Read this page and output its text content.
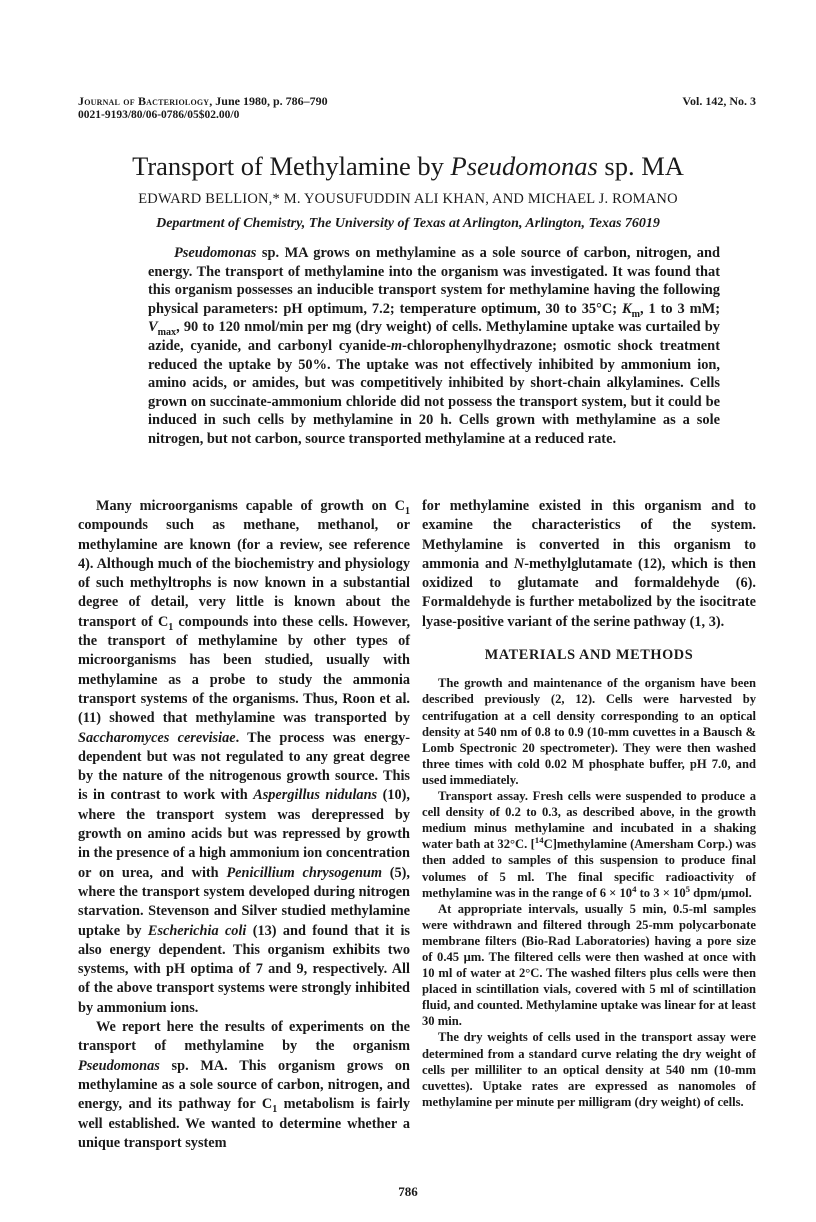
Journal of Bacteriology, June 1980, p. 786–790
0021-9193/80/06-0786/05$02.00/0
Vol. 142, No. 3
Transport of Methylamine by Pseudomonas sp. MA
EDWARD BELLION,* M. YOUSUFUDDIN ALI KHAN, AND MICHAEL J. ROMANO
Department of Chemistry, The University of Texas at Arlington, Arlington, Texas 76019

Pseudomonas sp. MA grows on methylamine as a sole source of carbon, nitrogen, and energy. The transport of methylamine into the organism was investigated. It was found that this organism possesses an inducible transport system for methylamine having the following physical parameters: pH optimum, 7.2; temperature optimum, 30 to 35°C; $K_m$, 1 to 3 mM; $V_{max}$, 90 to 120 nmol/min per mg (dry weight) of cells. Methylamine uptake was curtailed by azide, cyanide, and carbonyl cyanide-m-chlorophenylhydrazone; osmotic shock treatment reduced the uptake by 50%. The uptake was not effectively inhibited by ammonium ion, amino acids, or amides, but was competitively inhibited by short-chain alkylamines. Cells grown on succinate-ammonium chloride did not possess the transport system, but it could be induced in such cells by methylamine in 20 h. Cells grown with methylamine as a sole nitrogen, but not carbon, source transported methylamine at a reduced rate.

Many microorganisms capable of growth on $C_1$ compounds such as methane, methanol, or methylamine are known (for a review, see reference 4). Although much of the biochemistry and physiology of such methyltrophs is now known in a substantial degree of detail, very little is known about the transport of $C_1$ compounds into these cells. However, the transport of methylamine by other types of microorganisms has been studied, usually with methylamine as a probe to study the ammonia transport systems of the organisms. Thus, Roon et al. (11) showed that methylamine was transported by Saccharomyces cerevisiae. The process was energy-dependent but was not regulated to any great degree by the nature of the nitrogenous growth source. This is in contrast to work with Aspergillus nidulans (10), where the transport system was derepressed by growth on amino acids but was repressed by growth in the presence of a high ammonium ion concentration or on urea, and with Penicillium chrysogenum (5), where the transport system developed during nitrogen starvation. Stevenson and Silver studied methylamine uptake by Escherichia coli (13) and found that it is also energy dependent. This organism exhibits two systems, with pH optima of 7 and 9, respectively. All of the above transport systems were strongly inhibited by ammonium ions.

We report here the results of experiments on the transport of methylamine by the organism Pseudomonas sp. MA. This organism grows on methylamine as a sole source of carbon, nitrogen, and energy, and its pathway for $C_1$ metabolism is fairly well established. We wanted to determine whether a unique transport system

for methylamine existed in this organism and to examine the characteristics of the system. Methylamine is converted in this organism to ammonia and N-methylglutamate (12), which is then oxidized to glutamate and formaldehyde (6). Formaldehyde is further metabolized by the isocitrate lyase-positive variant of the serine pathway (1, 3).

MATERIALS AND METHODS

The growth and maintenance of the organism have been described previously (2, 12). Cells were harvested by centrifugation at a cell density corresponding to an optical density at 540 nm of 0.8 to 0.9 (10-mm cuvettes in a Bausch & Lomb Spectronic 20 spectrometer). They were then washed three times with cold 0.02 M phosphate buffer, pH 7.0, and used immediately.

Transport assay. Fresh cells were suspended to produce a cell density of 0.2 to 0.3, as described above, in the growth medium minus methylamine and incubated in a shaking water bath at 32°C. [$^{14}$C]methylamine (Amersham Corp.) was then added to samples of this suspension to produce final volumes of 5 ml. The final specific radioactivity of methylamine was in the range of $6 \times 10^4$ to $3 \times 10^5$ dpm/μmol.

At appropriate intervals, usually 5 min, 0.5-ml samples were withdrawn and filtered through 25-mm polycarbonate membrane filters (Bio-Rad Laboratories) having a pore size of 0.45 μm. The filtered cells were then washed at once with 10 ml of water at 2°C. The washed filters plus cells were then placed in scintillation vials, covered with 5 ml of scintillation fluid, and counted. Methylamine uptake was linear for at least 30 min.

The dry weights of cells used in the transport assay were determined from a standard curve relating the dry weight of cells per milliliter to an optical density at 540 nm (10-mm cuvettes). Uptake rates are expressed as nanomoles of methylamine per minute per milligram (dry weight) of cells.

786
